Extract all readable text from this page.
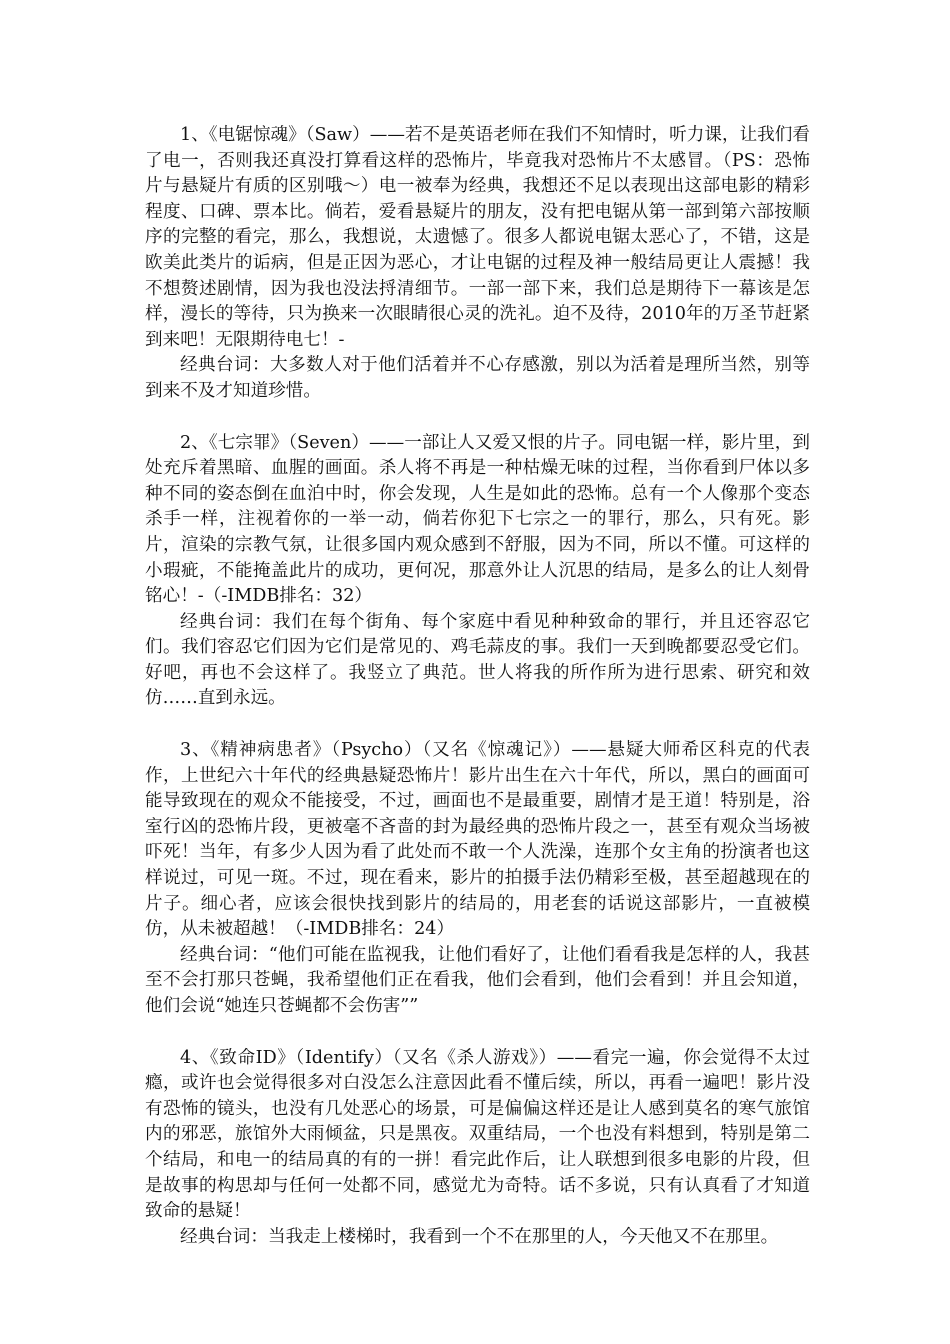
1、《电锯惊魂》（Saw）——若不是英语老师在我们不知情时，听力课，让我们看了电一，否则我还真没打算看这样的恐怖片，毕竟我对恐怖片不太感冒。（PS：恐怖片与悬疑片有质的区别哦～）电一被奉为经典，我想还不足以表现出这部电影的精彩程度、口碑、票本比。倘若，爱看悬疑片的朋友，没有把电锯从第一部到第六部按顺序的完整的看完，那么，我想说，太遗憾了。很多人都说电锯太恶心了，不错，这是欧美此类片的诟病，但是正因为恶心，才让电锯的过程及神一般结局更让人震撼！我不想赘述剧情，因为我也没法捋清细节。一部一部下来，我们总是期待下一幕该是怎样，漫长的等待，只为换来一次眼睛很心灵的洗礼。迫不及待，2010年的万圣节赶紧到来吧！无限期待电七！-

经典台词：大多数人对于他们活着并不心存感激，别以为活着是理所当然，别等到来不及才知道珍惜。

2、《七宗罪》（Seven）——一部让人又爱又恨的片子。同电锯一样，影片里，到处充斥着黑暗、血腥的画面。杀人将不再是一种枯燥无味的过程，当你看到尸体以多种不同的姿态倒在血泊中时，你会发现，人生是如此的恐怖。总有一个人像那个变态杀手一样，注视着你的一举一动，倘若你犯下七宗之一的罪行，那么，只有死。影片，渲染的宗教气氛，让很多国内观众感到不舒服，因为不同，所以不懂。可这样的小瑕疵，不能掩盖此片的成功，更何况，那意外让人沉思的结局，是多么的让人刻骨铭心！-（-IMDB排名：32）

经典台词：我们在每个街角、每个家庭中看见种种致命的罪行，并且还容忍它们。我们容忍它们因为它们是常见的、鸡毛蒜皮的事。我们一天到晚都要忍受它们。好吧，再也不会这样了。我竖立了典范。世人将我的所作所为进行思索、研究和效仿……直到永远。

3、《精神病患者》（Psycho）（又名《惊魂记》）——悬疑大师希区科克的代表作，上世纪六十年代的经典悬疑恐怖片！影片出生在六十年代，所以，黑白的画面可能导致现在的观众不能接受，不过，画面也不是最重要，剧情才是王道！特别是，浴室行凶的恐怖片段，更被毫不吝啬的封为最经典的恐怖片段之一，甚至有观众当场被吓死！当年，有多少人因为看了此处而不敢一个人洗澡，连那个女主角的扮演者也这样说过，可见一斑。不过，现在看来，影片的拍摄手法仍精彩至极，甚至超越现在的片子。细心者，应该会很快找到影片的结局的，用老套的话说这部影片，一直被模仿，从未被超越！（-IMDB排名：24）

经典台词：“他们可能在监视我，让他们看好了，让他们看看我是怎样的人，我甚至不会打那只苍蝇，我希望他们正在看我，他们会看到，他们会看到！并且会知道，他们会说“她连只苍蝇都不会伤害””

4、《致命ID》（Identify）（又名《杀人游戏》）——看完一遍，你会觉得不太过瘾，或许也会觉得很多对白没怎么注意因此看不懂后续，所以，再看一遍吧！影片没有恐怖的镜头，也没有几处恶心的场景，可是偏偏这样还是让人感到莫名的寒气旅馆内的邪恶，旅馆外大雨倾盆，只是黑夜。双重结局，一个也没有料想到，特别是第二个结局，和电一的结局真的有的一拼！看完此作后，让人联想到很多电影的片段，但是故事的构思却与任何一处都不同，感觉尤为奇特。话不多说，只有认真看了才知道致命的悬疑！

经典台词：当我走上楼梯时，我看到一个不在那里的人，今天他又不在那里。
